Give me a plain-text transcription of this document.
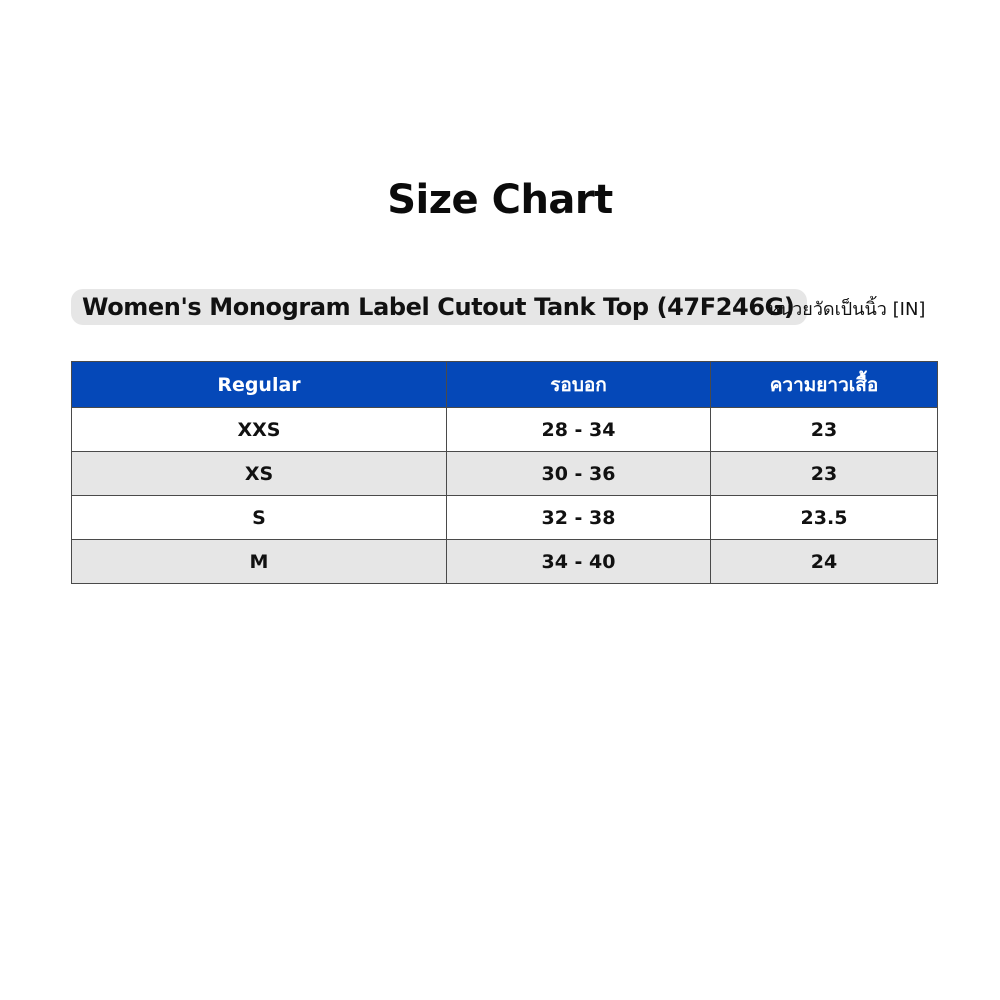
Size Chart
Women's Monogram Label Cutout Tank Top (47F246G)
หน่วยวัดเป็นนิ้ว [IN]
Regular	รอบอก	ความยาวเสื้อ
XXS	28 - 34	23
XS	30 - 36	23
S	32 - 38	23.5
M	34 - 40	24
